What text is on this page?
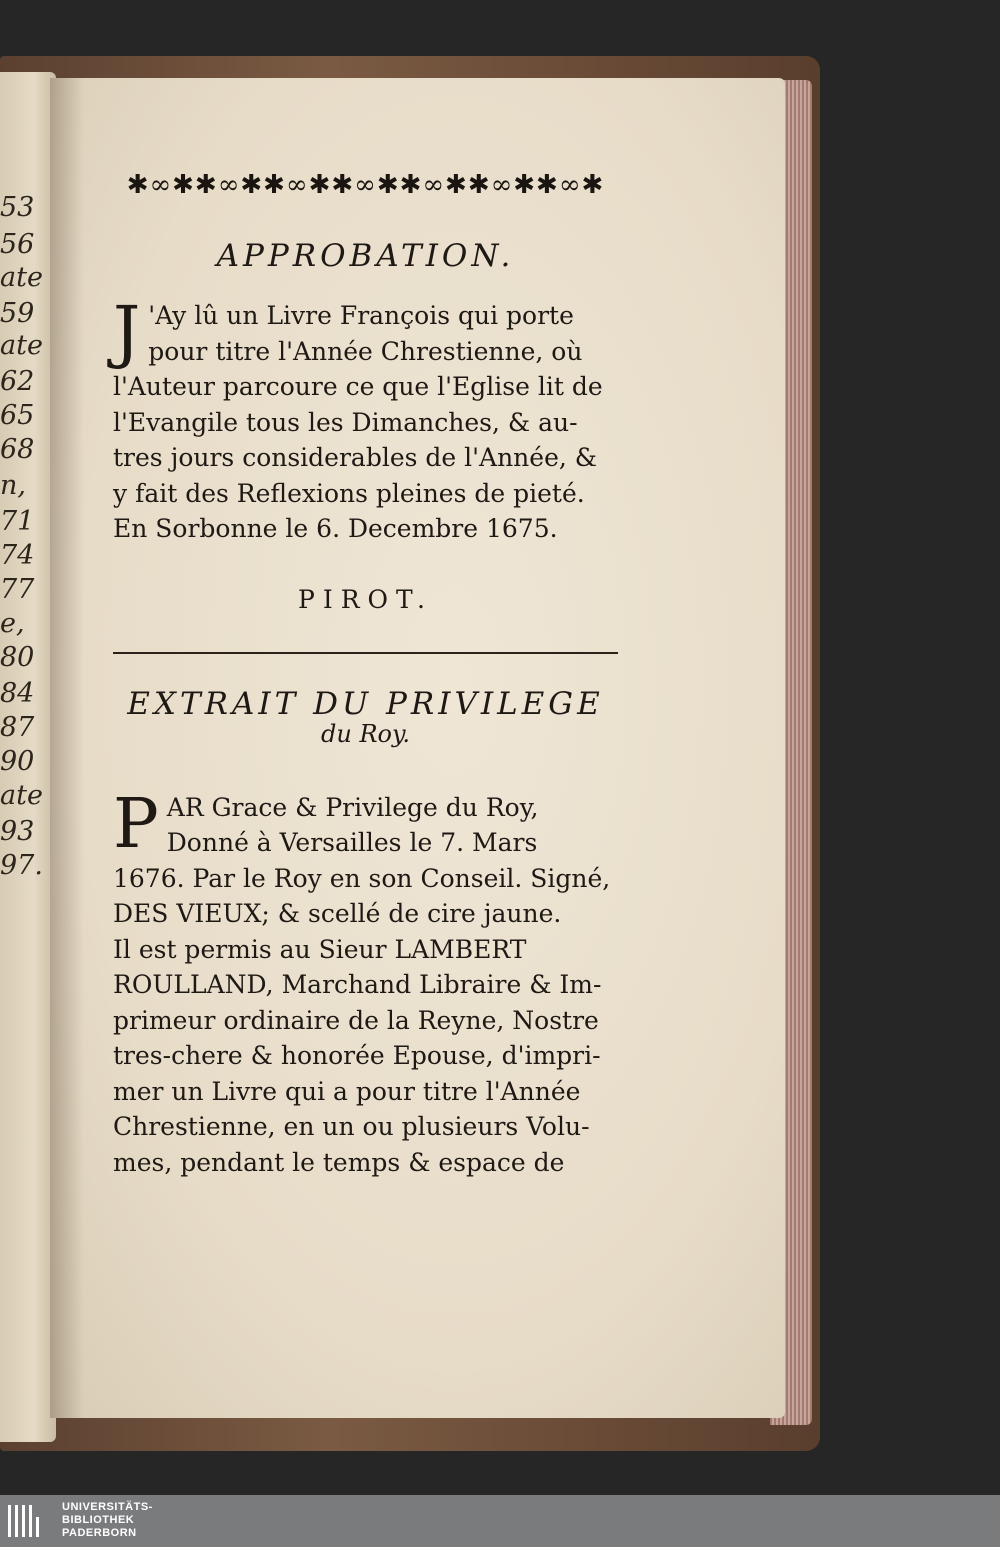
53
56
ate
59
ate
62
65
68
n,
71
74
77
e,
80
84
87
90
ate
93
97.
✱∞✱✱∞✱✱∞✱✱∞✱✱∞✱✱∞✱✱∞✱
APPROBATION.
J 'Ay lû un Livre François qui porte
pour titre l'Année Chrestienne, où
l'Auteur parcoure ce que l'Eglise lit de
l'Evangile tous les Dimanches, & au-
tres jours considerables de l'Année, &
y fait des Reflexions pleines de pieté.
En Sorbonne le 6. Decembre 1675.
PIROT.
EXTRAIT DU PRIVILEGE
du Roy.
P AR Grace & Privilege du Roy,
Donné à Versailles le 7. Mars
1676. Par le Roy en son Conseil. Signé,
DES VIEUX; & scellé de cire jaune.
Il est permis au Sieur LAMBERT
ROULLAND, Marchand Libraire & Im-
primeur ordinaire de la Reyne, Nostre
tres-chere & honorée Epouse, d'impri-
mer un Livre qui a pour titre l'Année
Chrestienne, en un ou plusieurs Volu-
mes, pendant le temps & espace de
UNIVERSITÄTS-
BIBLIOTHEK
PADERBORN
